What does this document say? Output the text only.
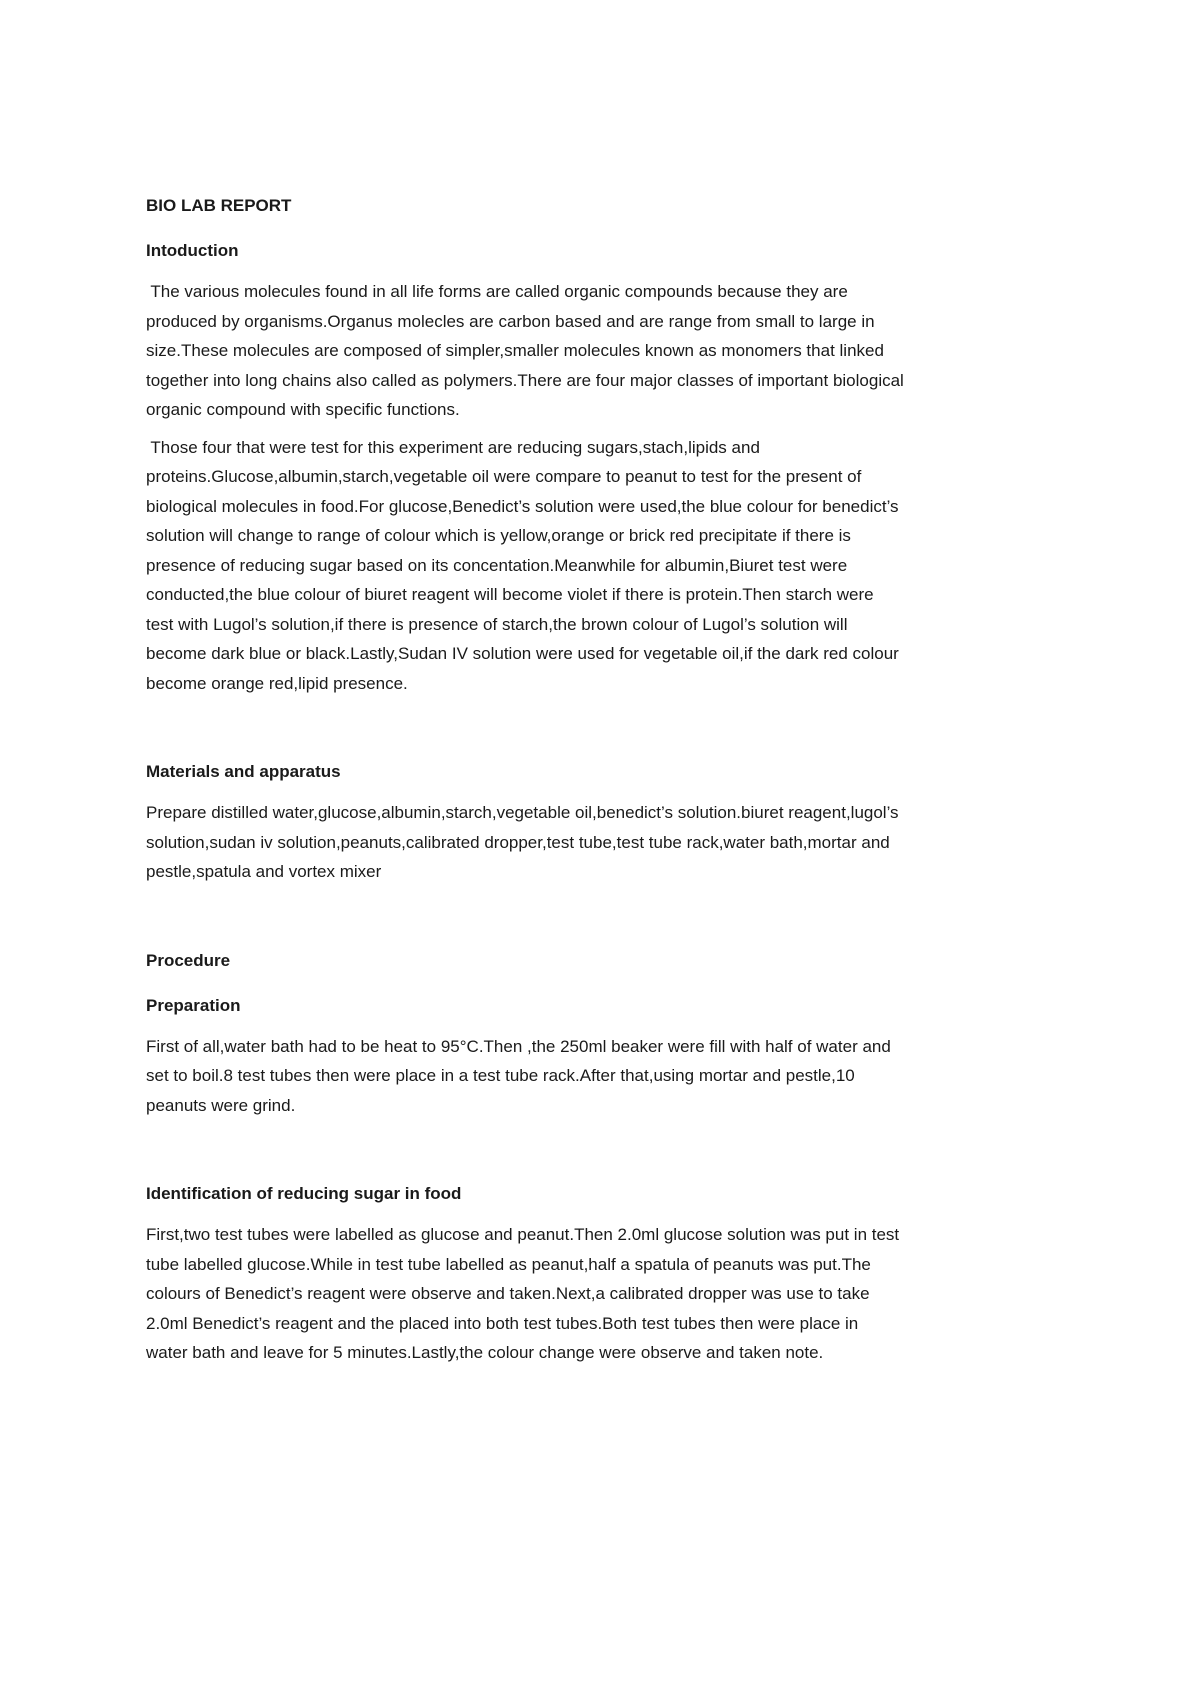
BIO LAB REPORT

Intoduction

The various molecules found in all life forms are called organic compounds because they are
produced by organisms.Organus molecles are carbon based and are range from small to large in
size.These molecules are composed of simpler,smaller molecules known as monomers that linked
together into long chains also called as polymers.There are four major classes of important biological
organic compound with specific functions.

Those four that were test for this experiment are reducing sugars,stach,lipids and
proteins.Glucose,albumin,starch,vegetable oil were compare to peanut to test for the present of
biological molecules in food.For glucose,Benedict’s solution were used,the blue colour for benedict’s
solution will change to range of colour which is yellow,orange or brick red precipitate if there is
presence of reducing sugar based on its concentation.Meanwhile for albumin,Biuret test were
conducted,the blue colour of biuret reagent will become violet if there is protein.Then starch were
test with Lugol’s solution,if there is presence of starch,the brown colour of Lugol’s solution will
become dark blue or black.Lastly,Sudan IV solution were used for vegetable oil,if the dark red colour
become orange red,lipid presence.

Materials and apparatus

Prepare distilled water,glucose,albumin,starch,vegetable oil,benedict’s solution.biuret reagent,lugol’s
solution,sudan iv solution,peanuts,calibrated dropper,test tube,test tube rack,water bath,mortar and
pestle,spatula and vortex mixer

Procedure

Preparation

First of all,water bath had to be heat to 95°C.Then ,the 250ml beaker were fill with half of water and
set to boil.8 test tubes then were place in a test tube rack.After that,using mortar and pestle,10
peanuts were grind.

Identification of reducing sugar in food

First,two test tubes were labelled as glucose and peanut.Then 2.0ml glucose solution was put in test
tube labelled glucose.While in test tube labelled as peanut,half a spatula of peanuts was put.The
colours of Benedict’s reagent were observe and taken.Next,a calibrated dropper was use to take
2.0ml Benedict’s reagent and the placed into both test tubes.Both test tubes then were place in
water bath and leave for 5 minutes.Lastly,the colour change were observe and taken note.
